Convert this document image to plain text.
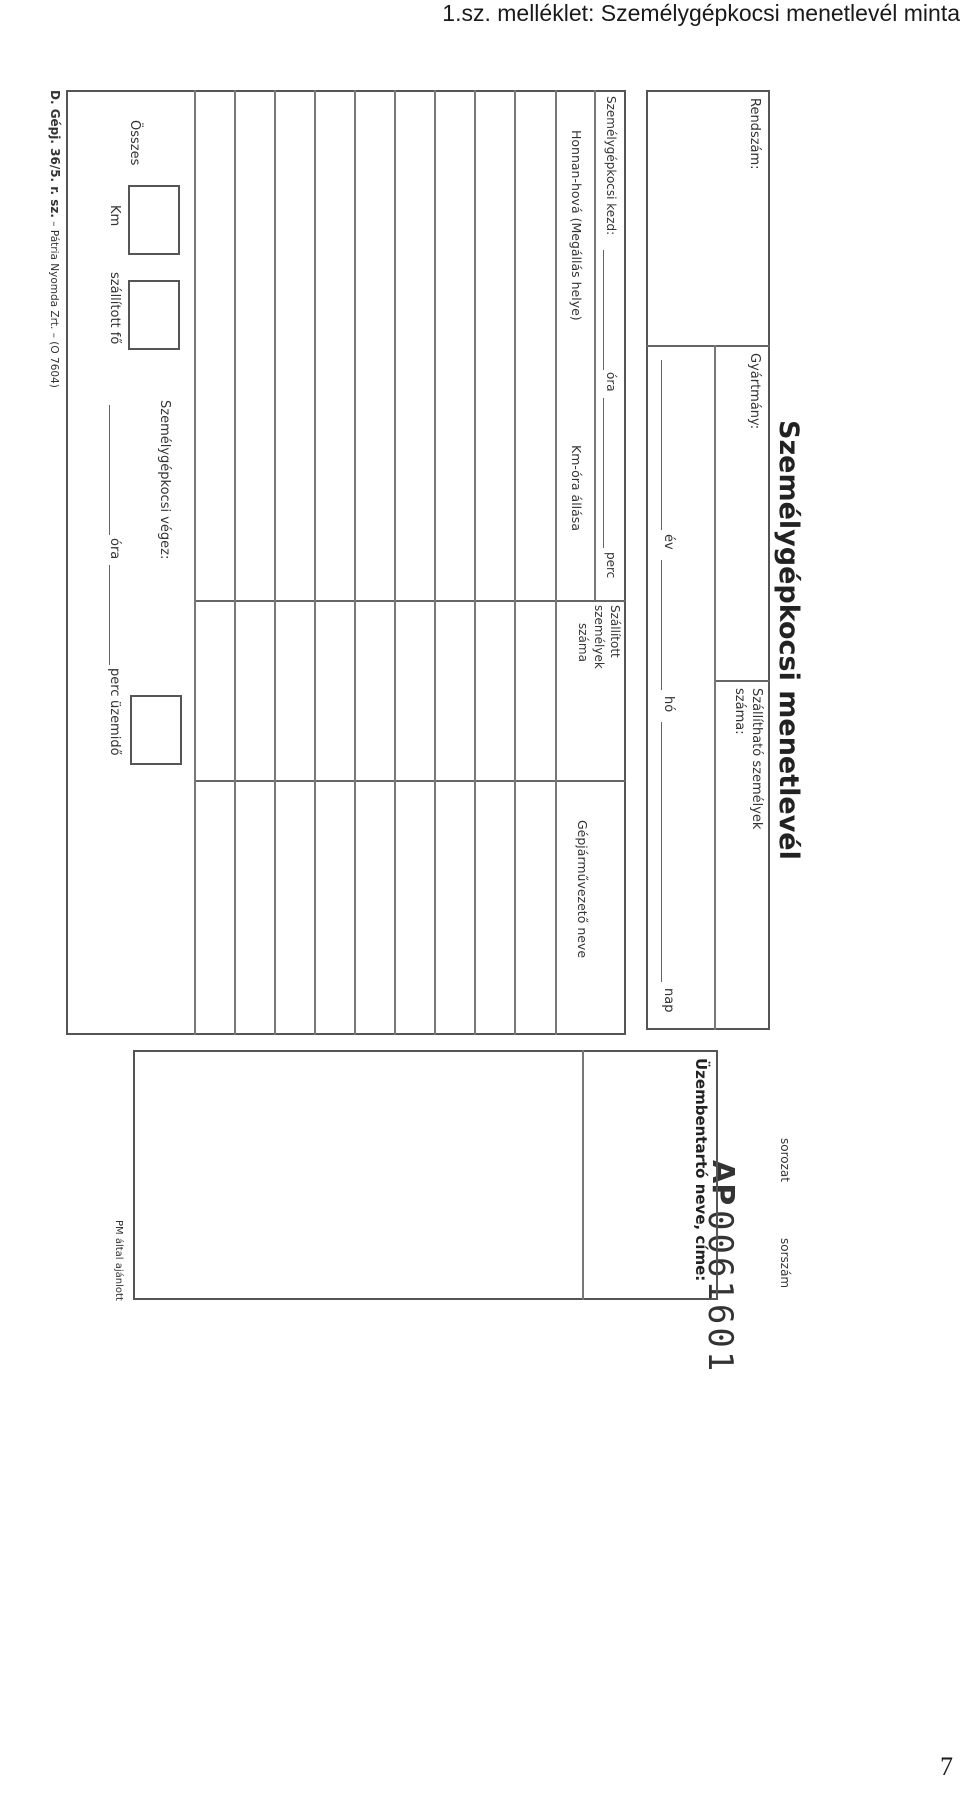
1.sz. melléklet: Személygépkocsi menetlevél minta
Személygépkocsi menetlevél
Rendszám:
Gyártmány:
Szállítható személyek
száma:
év
hó
nap
sorozat
sorszám
AP
0061601
Személygépkocsi kezd:
óra
perc
Honnan-hová (Megállás helye)
Km-óra állása
Szállított
személyek
száma
Gépjárművezető neve
Összes
Km
szállított fő
Személygépkocsi végez:
óra
perc
üzemidő
D. Gépj. 36/5. r. sz. – Pátria Nyomda Zrt. – (O 7604)
Üzembentartó neve, címe:
PM által ajánlott
7
